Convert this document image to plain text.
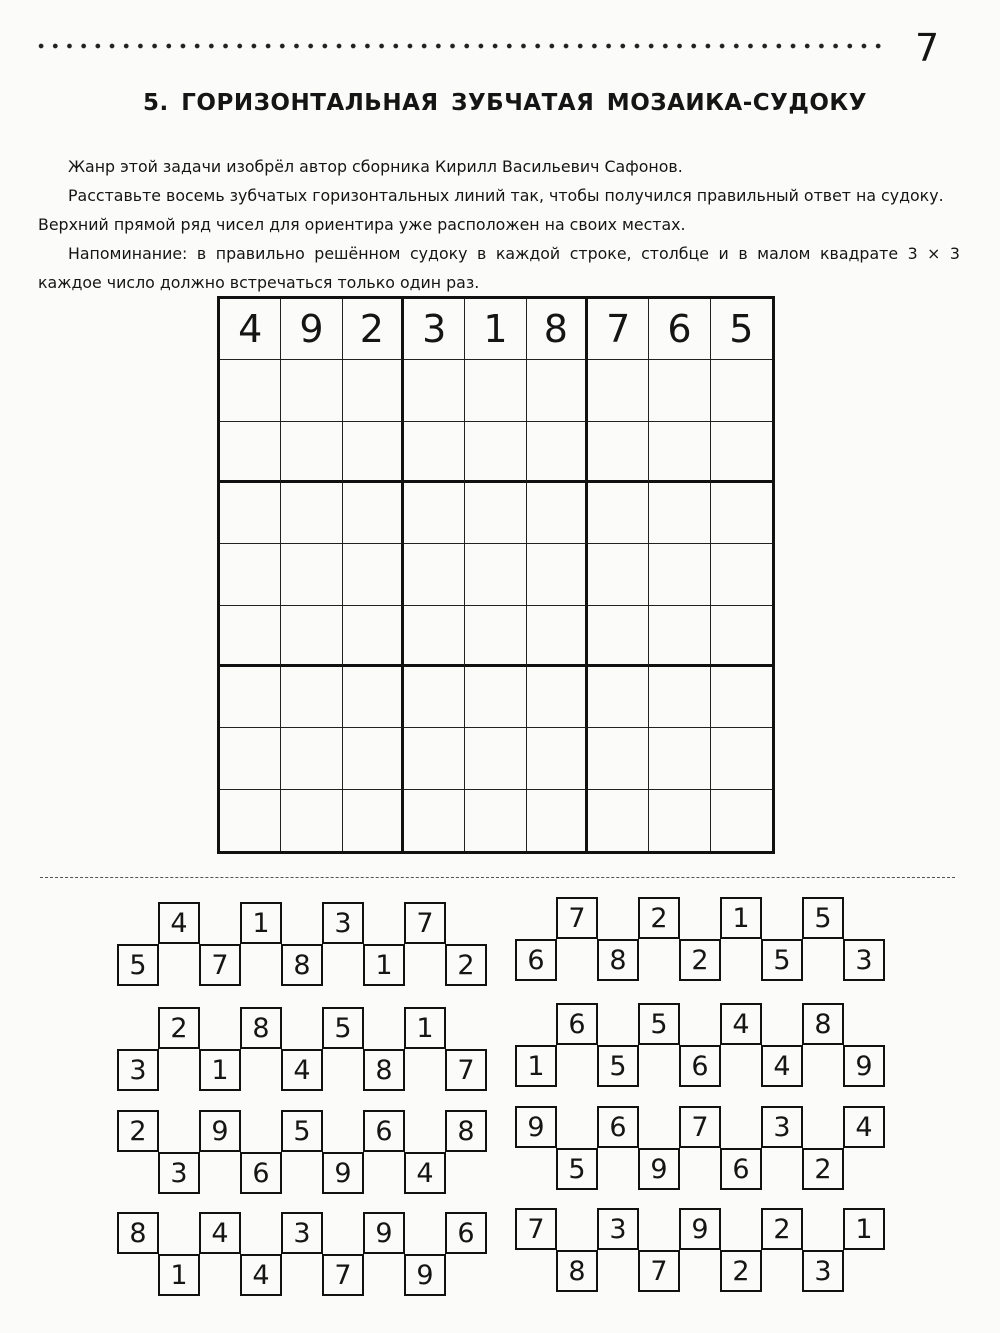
7
5. ГОРИЗОНТАЛЬНАЯ ЗУБЧАТАЯ МОЗАИКА-СУДОКУ

Жанр этой задачи изобрёл автор сборника Кирилл Васильевич Сафонов.

Расставьте восемь зубчатых горизонтальных линий так, чтобы получился правильный ответ на судоку.

Верхний прямой ряд чисел для ориентира уже расположен на своих местах.

Напоминание: в правильно решённом судоку в каждой строке, столбце и в малом квадрате 3 × 3 каждое число должно встречаться только один раз.

4 9 2	3 1 8	7 6 5
4	1	3	7
5	7	8	1	2
7	2	1	5
6	8	2	5	3
2	8	5	1
3	1	4	8	7
6	5	4	8
1	5	6	4	9
2	9	5	6	8
3	6	9	4
9	6	7	3	4
5	9	6	2
8	4	3	9	6
1	4	7	9
7	3	9	2	1
8	7	2	3
